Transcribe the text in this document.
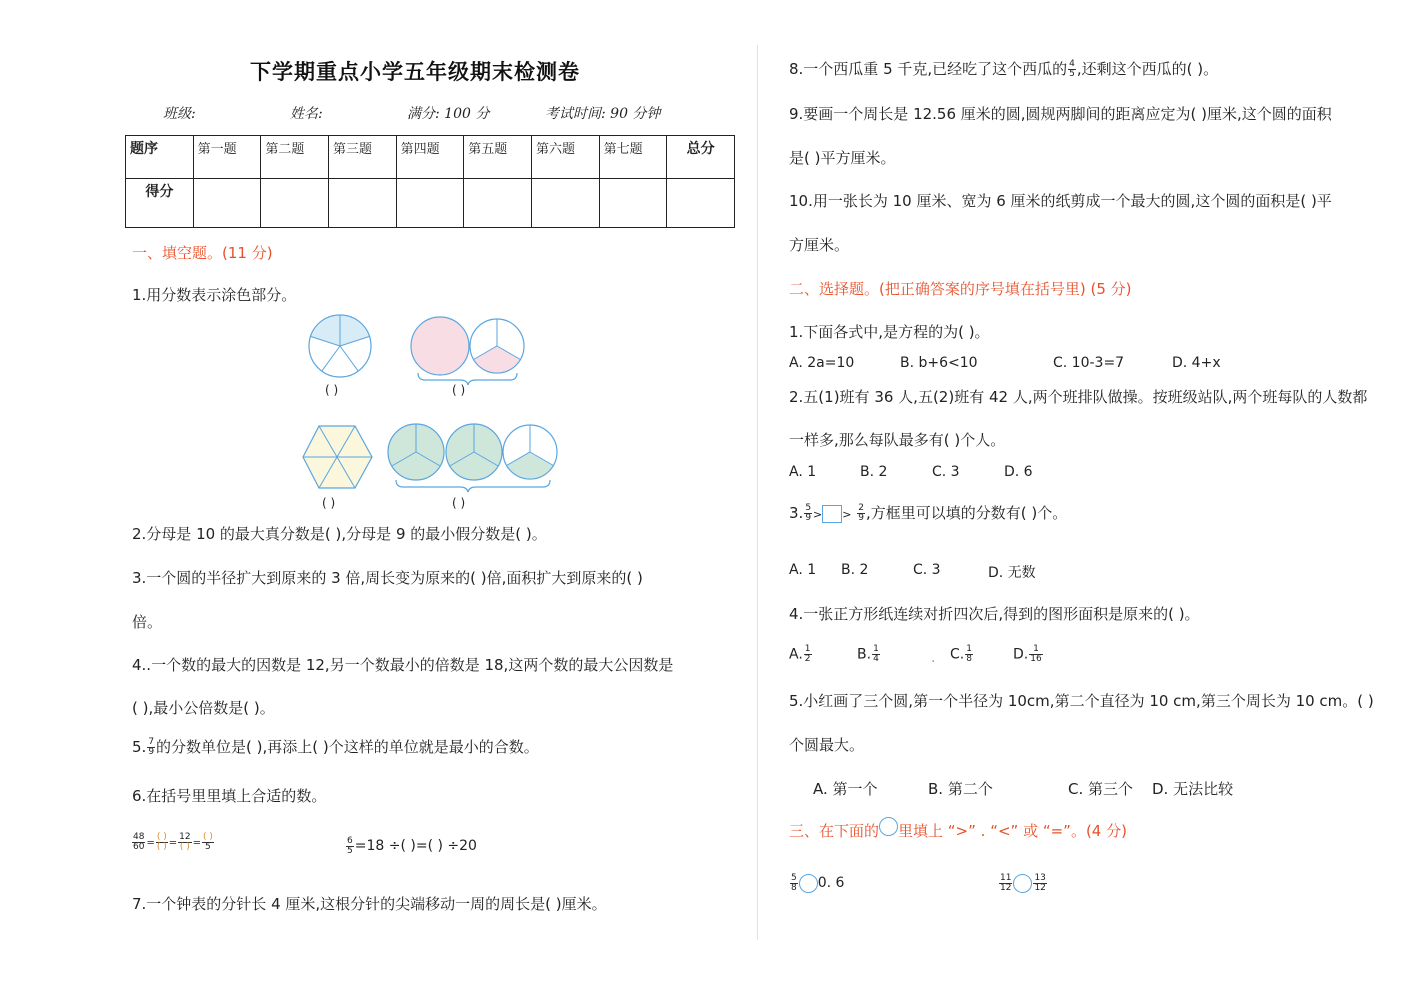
下学期重点小学五年级期末检测卷
班级:	姓名:	满分: 100 分	考试时间: 90 分钟
题序	第一题	第二题	第三题	第四题	第五题	第六题	第七题	总分
得分								
一、填空题。(11 分)
1.用分数表示涂色部分。
( )	( )
( )	( )
2.分母是 10 的最大真分数是( ),分母是 9 的最小假分数是( )。
3.一个圆的半径扩大到原来的 3 倍,周长变为原来的( )倍,面积扩大到原来的( )
倍。
4..一个数的最大的因数是 12,另一个数最小的倍数是 18,这两个数的最大公因数是
( ),最小公倍数是( )。
5. $\frac{7}{9}$ 的分数单位是( ),再添上( )个这样的单位就是最小的合数。
6.在括号里里填上合适的数。
$\frac{48}{60} = \frac{( )}{( )} = \frac{12}{( )} = \frac{( )}{5}$	$\frac{6}{5} =18$ ÷( )=( ) ÷20
7.一个钟表的分针长 4 厘米,这根分针的尖端移动一周的周长是( )厘米。
8.一个西瓜重 5 千克,已经吃了这个西瓜的 $\frac{4}{5}$ ,还剩这个西瓜的( )。
9.要画一个周长是 12.56 厘米的圆,圆规两脚间的距离应定为( )厘米,这个圆的面积
是( )平方厘米。
10.用一张长为 10 厘米、宽为 6 厘米的纸剪成一个最大的圆,这个圆的面积是( )平
方厘米。
二、选择题。(把正确答案的序号填在括号里) (5 分)
1.下面各式中,是方程的为( )。
A. 2a=10	B. b+6<10	C. 10-3=7	D. 4+x
2.五(1)班有 36 人,五(2)班有 42 人,两个班排队做操。按班级站队,两个班每队的人数都
一样多,那么每队最多有( )个人。
A. 1	B. 2	C. 3	D. 6
3. $\frac{5}{9}$ > > $\frac{2}{9}$ ,方框里可以填的分数有( )个。
A. 1 B. 2	C. 3	D. 无数
4.一张正方形纸连续对折四次后,得到的图形面积是原来的( )。
A. $\frac{1}{2}$	B. $\frac{1}{4}$	. C. $\frac{1}{8}$	D. $\frac{1}{16}$
5.小红画了三个圆,第一个半径为 10cm,第二个直径为 10 cm,第三个周长为 10 cm。( )
个圆最大。
A. 第一个	B. 第二个	C. 第三个 D. 无法比较
三、在下面的 里填上 “>” . “<” 或 “=”。(4 分)
$\frac{5}{8} 0$. 6	$\frac{11}{12} \frac{13}{12}$
